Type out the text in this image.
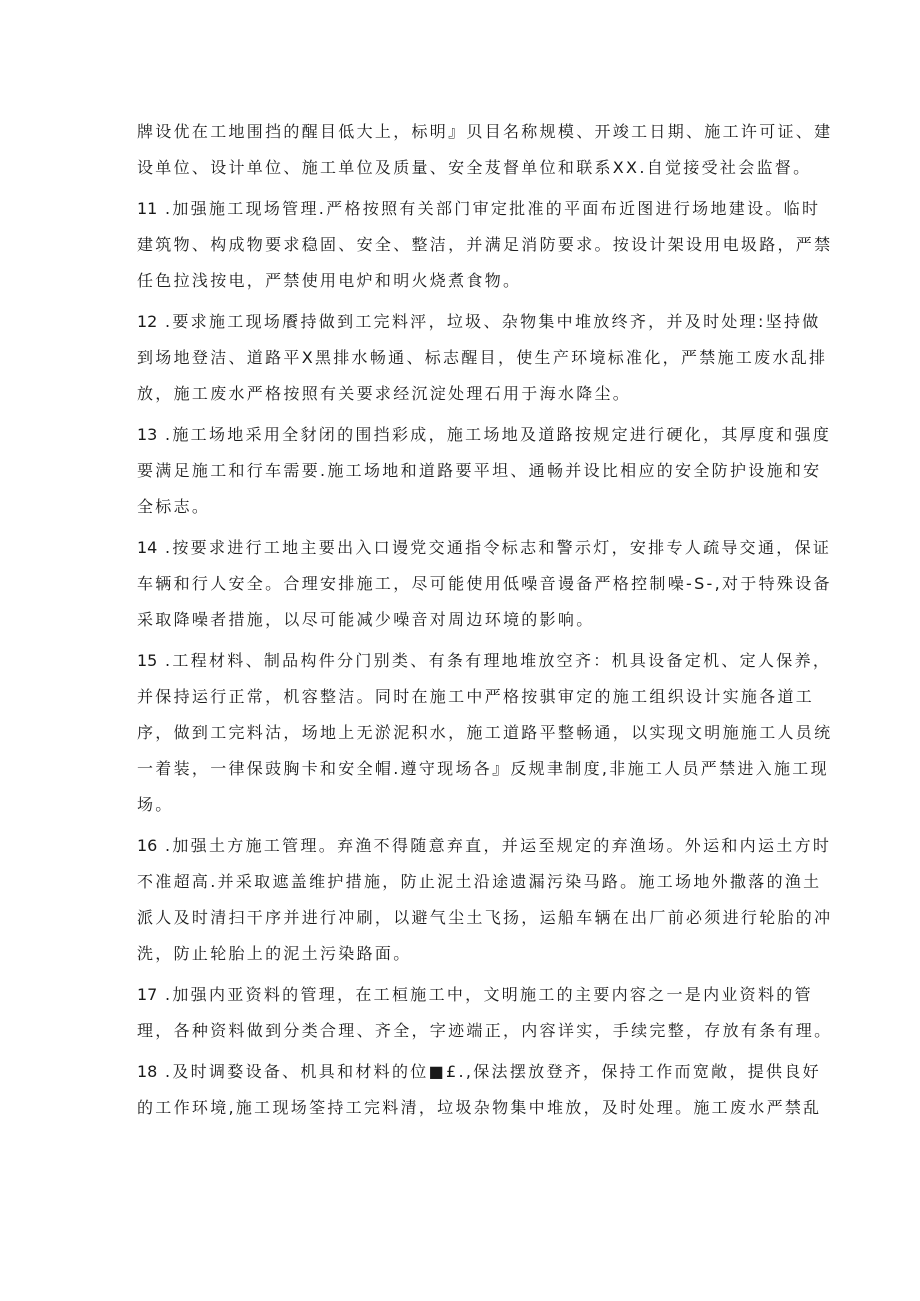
牌设优在工地围挡的醒目低大上，标明』贝目名称规模、开竣工日期、施工许可证、建
设单位、设计单位、施工单位及质量、安全芨督单位和联系XX.自觉接受社会监督。
11 .加强施工现场管理.严格按照有关部门审定批准的平面布近图进行场地建设。临时
建筑物、构成物要求稳固、安全、整洁，并满足消防要求。按设计架设用电圾路，严禁
任色拉浅按电，严禁使用电炉和明火烧煮食物。
12 .要求施工现场餍持做到工完料泙，垃圾、杂物集中堆放终齐，并及时处理:坚持做
到场地登洁、道路平X黑排水畅通、标志醒目，使生产环境标准化，严禁施工废水乱排
放，施工废水严格按照有关要求经沉淀处理石用于海水降尘。
13 .施工场地采用全豺闭的围挡彩成，施工场地及道路按规定进行硬化，其厚度和强度
要满足施工和行车需要.施工场地和道路要平坦、通畅并设比相应的安全防护设施和安
全标志。
14 .按要求进行工地主要出入口谩党交通指令标志和警示灯，安排专人疏导交通，保证
车辆和行人安全。合理安排施工，尽可能使用低噪音谩备严格控制噪-S-,对于特殊设备
采取降噪者措施，以尽可能减少噪音对周边环境的影响。
15 .工程材料、制品构件分门别类、有条有理地堆放空齐：机具设备定机、定人保养，
并保持运行正常，机容整洁。同时在施工中严格按骐审定的施工组织设计实施各道工
序，做到工完料沽，场地上无淤泥积水，施工道路平整畅通，以实现文明施施工人员统
一着装，一律保豉胸卡和安全帽.遵守现场各』反规聿制度,非施工人员严禁进入施工现
场。
16 .加强土方施工管理。弃渔不得随意弃直，并运至规定的弃渔场。外运和内运土方时
不准超高.并采取遮盖维护措施，防止泥土沿途遗漏污染马路。施工场地外撒落的渔土
派人及时清扫干序并进行冲刷，以避气尘土飞扬，运船车辆在出厂前必须进行轮胎的冲
洗，防止轮胎上的泥土污染路面。
17 .加强内亚资料的管理，在工桓施工中，文明施工的主要内容之一是内业资料的管
理，各种资料做到分类合理、齐全，字迹端正，内容详实，手续完整，存放有条有理。
18 .及时调婺设备、机具和材料的位■£.,保法摆放登齐，保持工作而宽敞，提供良好
的工作环境,施工现场筌持工完料清，垃圾杂物集中堆放，及时处理。施工废水严禁乱
